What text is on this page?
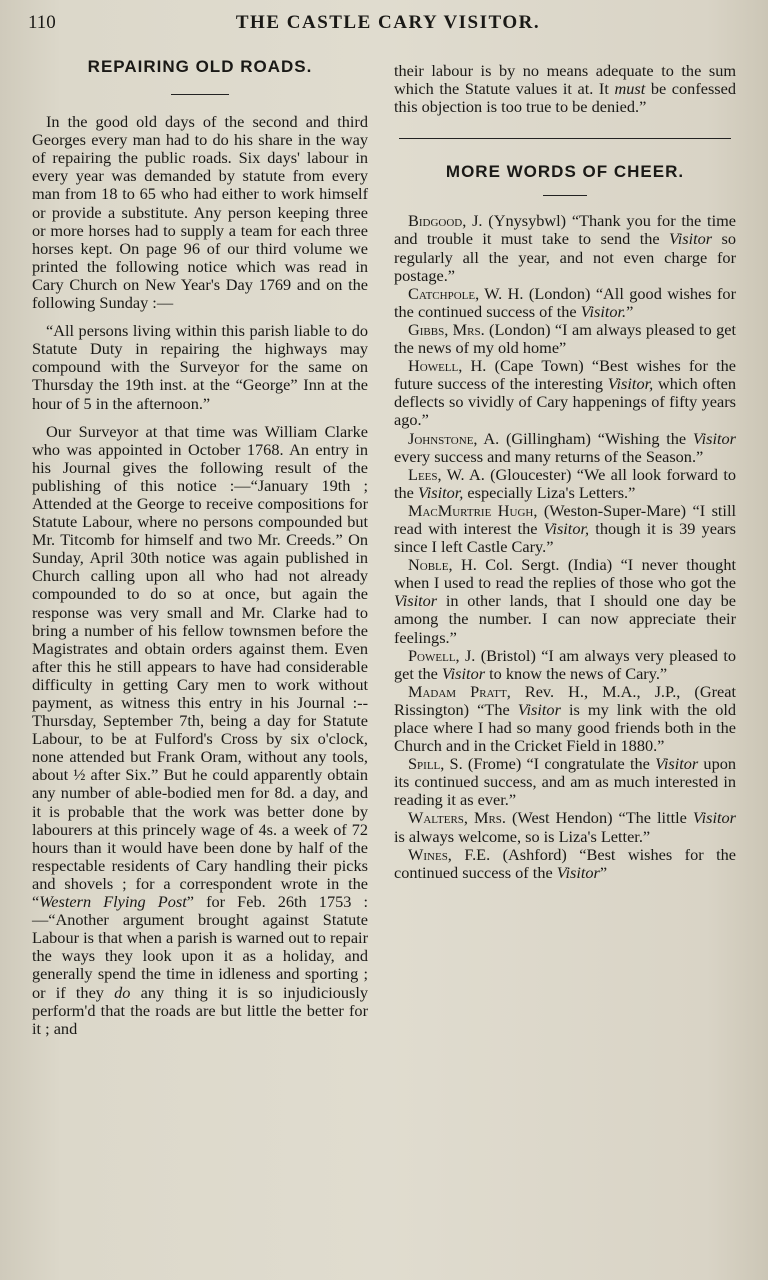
110	THE CASTLE CARY VISITOR.
REPAIRING OLD ROADS.

In the good old days of the second and third Georges every man had to do his share in the way of repairing the public roads. Six days' labour in every year was demanded by statute from every man from 18 to 65 who had either to work himself or provide a substitute. Any person keeping three or more horses had to supply a team for each three horses kept. On page 96 of our third volume we printed the following notice which was read in Cary Church on New Year's Day 1769 and on the following Sunday :—

“All persons living within this parish liable to do Statute Duty in repairing the highways may compound with the Surveyor for the same on Thursday the 19th inst. at the “George” Inn at the hour of 5 in the afternoon.”

Our Surveyor at that time was William Clarke who was appointed in October 1768. An entry in his Journal gives the following result of the publishing of this notice :—“January 19th ; Attended at the George to receive compositions for Statute Labour, where no persons compounded but Mr. Titcomb for himself and two Mr. Creeds.” On Sunday, April 30th notice was again published in Church calling upon all who had not already compounded to do so at once, but again the response was very small and Mr. Clarke had to bring a number of his fellow townsmen before the Magistrates and obtain orders against them. Even after this he still appears to have had considerable difficulty in getting Cary men to work without payment, as witness this entry in his Journal :--Thursday, September 7th, being a day for Statute Labour, to be at Fulford's Cross by six o'clock, none attended but Frank Oram, without any tools, about ½ after Six.” But he could apparently obtain any number of able-bodied men for 8d. a day, and it is probable that the work was better done by labourers at this princely wage of 4s. a week of 72 hours than it would have been done by half of the respectable residents of Cary handling their picks and shovels ; for a correspondent wrote in the “Western Flying Post” for Feb. 26th 1753 :—“Another argument brought against Statute Labour is that when a parish is warned out to repair the ways they look upon it as a holiday, and generally spend the time in idleness and sporting ; or if they do any thing it is so injudiciously perform'd that the roads are but little the better for it ; and

their labour is by no means adequate to the sum which the Statute values it at. It must be confessed this objection is too true to be denied.”

MORE WORDS OF CHEER.

Bidgood, J. (Ynysybwl) “Thank you for the time and trouble it must take to send the Visitor so regularly all the year, and not even charge for postage.”

Catchpole, W. H. (London) “All good wishes for the continued success of the Visitor.”

Gibbs, Mrs. (London) “I am always pleased to get the news of my old home”

Howell, H. (Cape Town) “Best wishes for the future success of the interesting Visitor, which often deflects so vividly of Cary happenings of fifty years ago.”

Johnstone, A. (Gillingham) “Wishing the Visitor every success and many returns of the Season.”

Lees, W. A. (Gloucester) “We all look forward to the Visitor, especially Liza's Letters.”

MacMurtrie Hugh, (Weston-Super-Mare) “I still read with interest the Visitor, though it is 39 years since I left Castle Cary.”

Noble, H. Col. Sergt. (India) “I never thought when I used to read the replies of those who got the Visitor in other lands, that I should one day be among the number. I can now appreciate their feelings.”

Powell, J. (Bristol) “I am always very pleased to get the Visitor to know the news of Cary.”

Madam Pratt, Rev. H., M.A., J.P., (Great Rissington) “The Visitor is my link with the old place where I had so many good friends both in the Church and in the Cricket Field in 1880.”

Spill, S. (Frome) “I congratulate the Visitor upon its continued success, and am as much interested in reading it as ever.”

Walters, Mrs. (West Hendon) “The little Visitor is always welcome, so is Liza's Letter.”

Wines, F.E. (Ashford) “Best wishes for the continued success of the Visitor”
